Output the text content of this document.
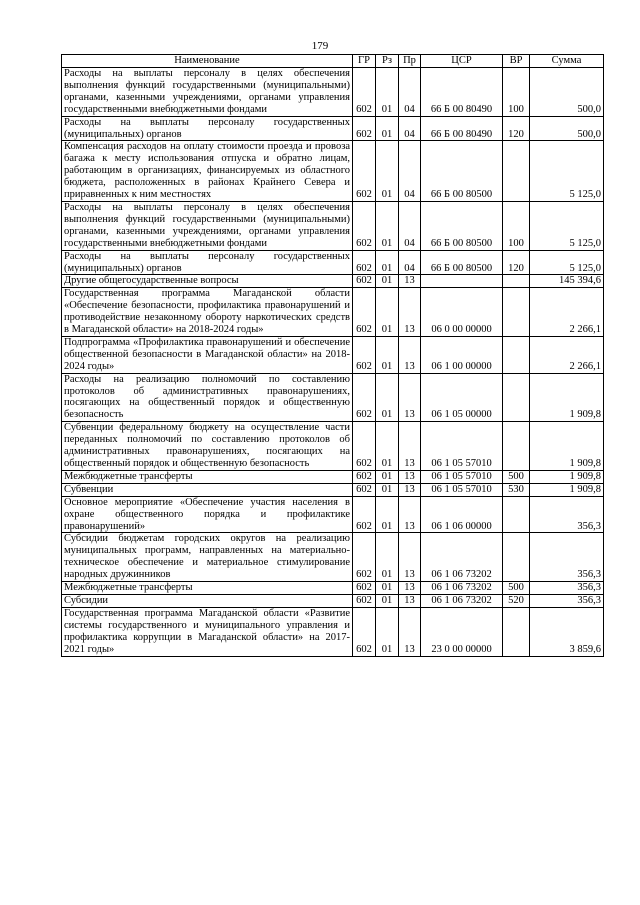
179
Наименование	ГР	Рз	Пр	ЦСР	ВР	Сумма
Расходы на выплаты персоналу в целях обеспечения выполнения функций государственными (муниципальными) органами, казенными учреждениями, органами управления государственными внебюджетными фондами	602	01	04	66 Б 00 80490	100	500,0
Расходы на выплаты персоналу государственных (муниципальных) органов	602	01	04	66 Б 00 80490	120	500,0
Компенсация расходов на оплату стоимости проезда и провоза багажа к месту использования отпуска и обратно лицам, работающим в организациях, финансируемых из областного бюджета, расположенных в районах Крайнего Севера и приравненных к ним местностях	602	01	04	66 Б 00 80500		5 125,0
Расходы на выплаты персоналу в целях обеспечения выполнения функций государственными (муниципальными) органами, казенными учреждениями, органами управления государственными внебюджетными фондами	602	01	04	66 Б 00 80500	100	5 125,0
Расходы на выплаты персоналу государственных (муниципальных) органов	602	01	04	66 Б 00 80500	120	5 125,0
Другие общегосударственные вопросы	602	01	13			145 394,6
Государственная программа Магаданской области «Обеспечение безопасности, профилактика правонарушений и противодействие незаконному обороту наркотических средств в Магаданской области» на 2018-2024 годы»	602	01	13	06 0 00 00000		2 266,1
Подпрограмма «Профилактика правонарушений и обеспечение общественной безопасности в Магаданской области» на 2018-2024 годы»	602	01	13	06 1 00 00000		2 266,1
Расходы на реализацию полномочий по составлению протоколов об административных правонарушениях, посягающих на общественный порядок и общественную безопасность	602	01	13	06 1 05 00000		1 909,8
Субвенции федеральному бюджету на осуществление части переданных полномочий по составлению протоколов об административных правонарушениях, посягающих на общественный порядок и общественную безопасность	602	01	13	06 1 05 57010		1 909,8
Межбюджетные трансферты	602	01	13	06 1 05 57010	500	1 909,8
Субвенции	602	01	13	06 1 05 57010	530	1 909,8
Основное мероприятие «Обеспечение участия населения в охране общественного порядка и профилактике правонарушений»	602	01	13	06 1 06 00000		356,3
Субсидии бюджетам городских округов на реализацию муниципальных программ, направленных на материально-техническое обеспечение и материальное стимулирование народных дружинников	602	01	13	06 1 06 73202		356,3
Межбюджетные трансферты	602	01	13	06 1 06 73202	500	356,3
Субсидии	602	01	13	06 1 06 73202	520	356,3
Государственная программа Магаданской области «Развитие системы государственного и муниципального управления и профилактика коррупции в Магаданской области» на 2017-2021 годы»	602	01	13	23 0 00 00000		3 859,6
